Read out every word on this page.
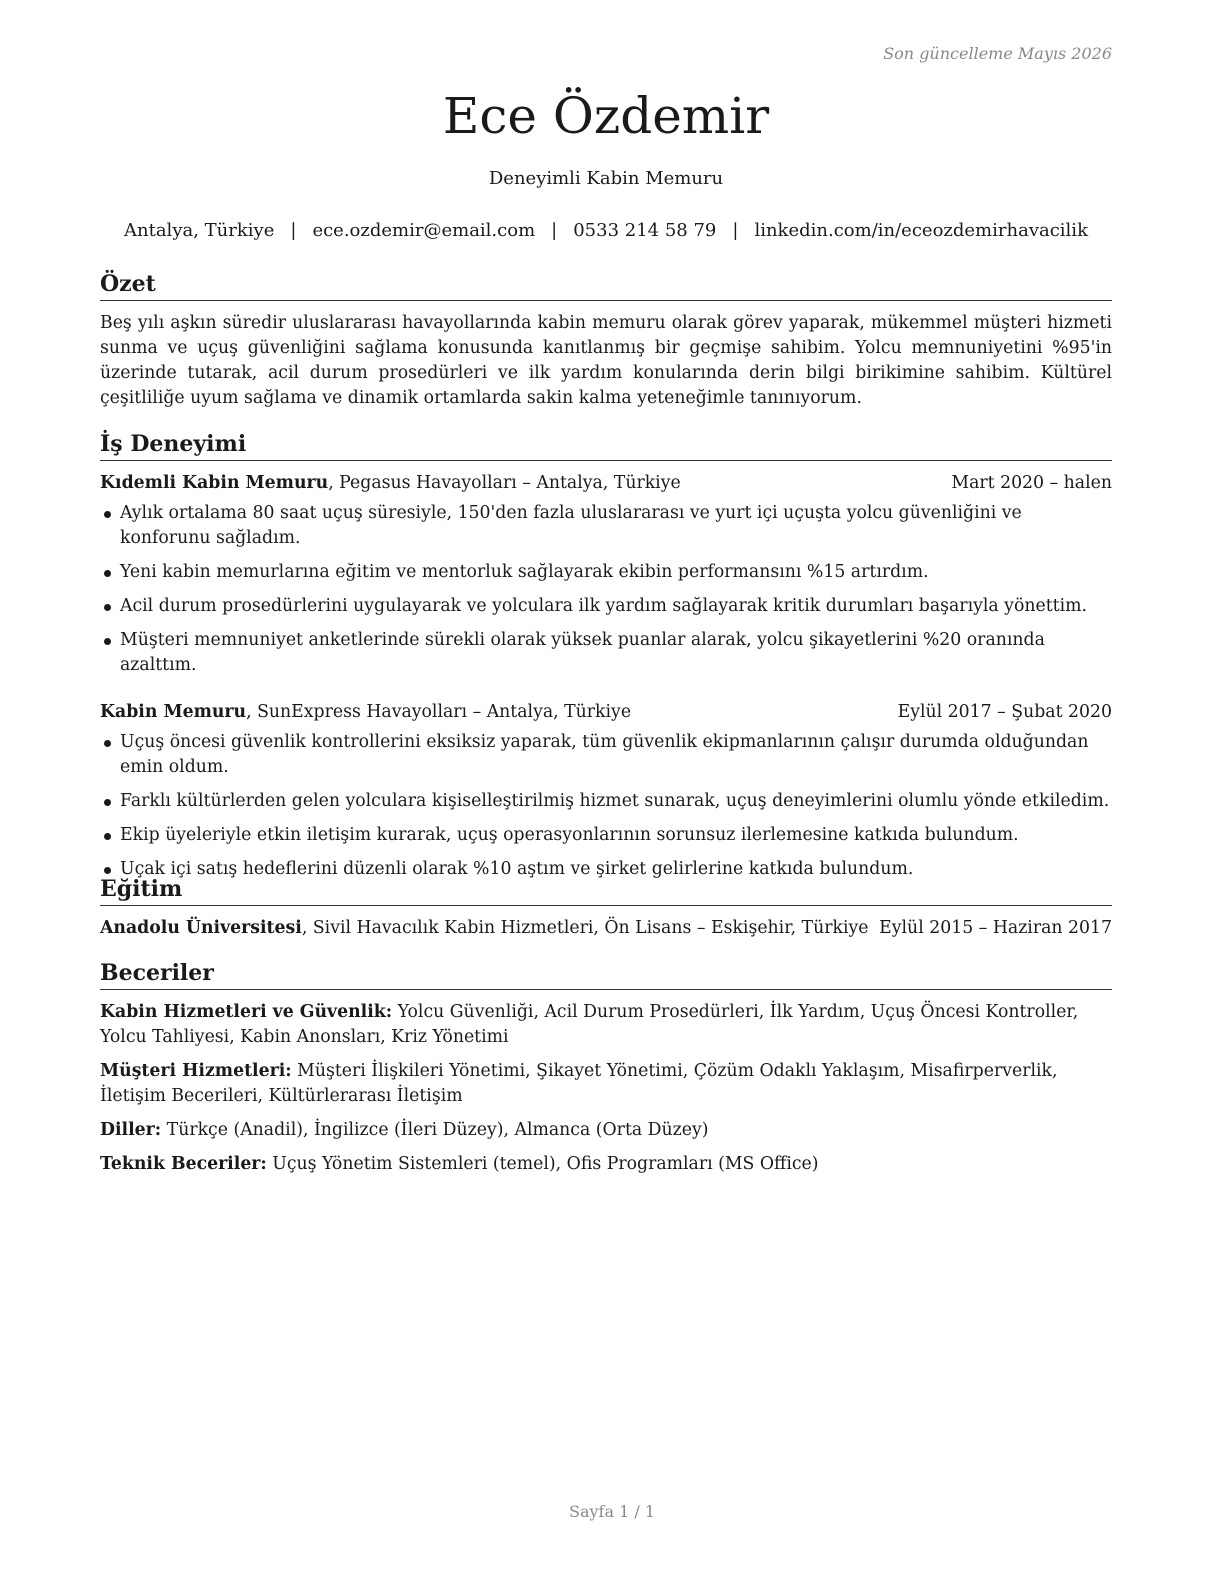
Son güncelleme Mayıs 2026

Ece Özdemir

Deneyimli Kabin Memuru

Antalya, Türkiye | ece.ozdemir@email.com | 0533 214 58 79 | linkedin.com/in/eceozdemirhavacilik

Özet

Beş yılı aşkın süredir uluslararası havayollarında kabin memuru olarak görev yaparak, mükemmel müşteri hizmeti sunma ve uçuş güvenliğini sağlama konusunda kanıtlanmış bir geçmişe sahibim. Yolcu memnuniyetini %95'in üzerinde tutarak, acil durum prosedürleri ve ilk yardım konularında derin bilgi birikimine sahibim. Kültürel çeşitliliğe uyum sağlama ve dinamik ortamlarda sakin kalma yeteneğimle tanınıyorum.

İş Deneyimi
Kıdemli Kabin Memuru, Pegasus Havayolları – Antalya, Türkiye	Mart 2020 – halen
Aylık ortalama 80 saat uçuş süresiyle, 150'den fazla uluslararası ve yurt içi uçuşta yolcu güvenliğini ve konforunu sağladım.
Yeni kabin memurlarına eğitim ve mentorluk sağlayarak ekibin performansını %15 artırdım.
Acil durum prosedürlerini uygulayarak ve yolculara ilk yardım sağlayarak kritik durumları başarıyla yönettim.
Müşteri memnuniyet anketlerinde sürekli olarak yüksek puanlar alarak, yolcu şikayetlerini %20 oranında azalttım.
Kabin Memuru, SunExpress Havayolları – Antalya, Türkiye	Eylül 2017 – Şubat 2020
Uçuş öncesi güvenlik kontrollerini eksiksiz yaparak, tüm güvenlik ekipmanlarının çalışır durumda olduğundan emin oldum.
Farklı kültürlerden gelen yolculara kişiselleştirilmiş hizmet sunarak, uçuş deneyimlerini olumlu yönde etkiledim.
Ekip üyeleriyle etkin iletişim kurarak, uçuş operasyonlarının sorunsuz ilerlemesine katkıda bulundum.
Uçak içi satış hedeflerini düzenli olarak %10 aştım ve şirket gelirlerine katkıda bulundum.
Eğitim
Anadolu Üniversitesi, Sivil Havacılık Kabin Hizmetleri, Ön Lisans – Eskişehir, Türkiye Eylül 2015 – Haziran 2017
Beceriler

Kabin Hizmetleri ve Güvenlik: Yolcu Güvenliği, Acil Durum Prosedürleri, İlk Yardım, Uçuş Öncesi Kontroller, Yolcu Tahliyesi, Kabin Anonsları, Kriz Yönetimi

Müşteri Hizmetleri: Müşteri İlişkileri Yönetimi, Şikayet Yönetimi, Çözüm Odaklı Yaklaşım, Misafirperverlik, İletişim Becerileri, Kültürlerarası İletişim

Diller: Türkçe (Anadil), İngilizce (İleri Düzey), Almanca (Orta Düzey)

Teknik Beceriler: Uçuş Yönetim Sistemleri (temel), Ofis Programları (MS Office)

Sayfa 1 / 1
